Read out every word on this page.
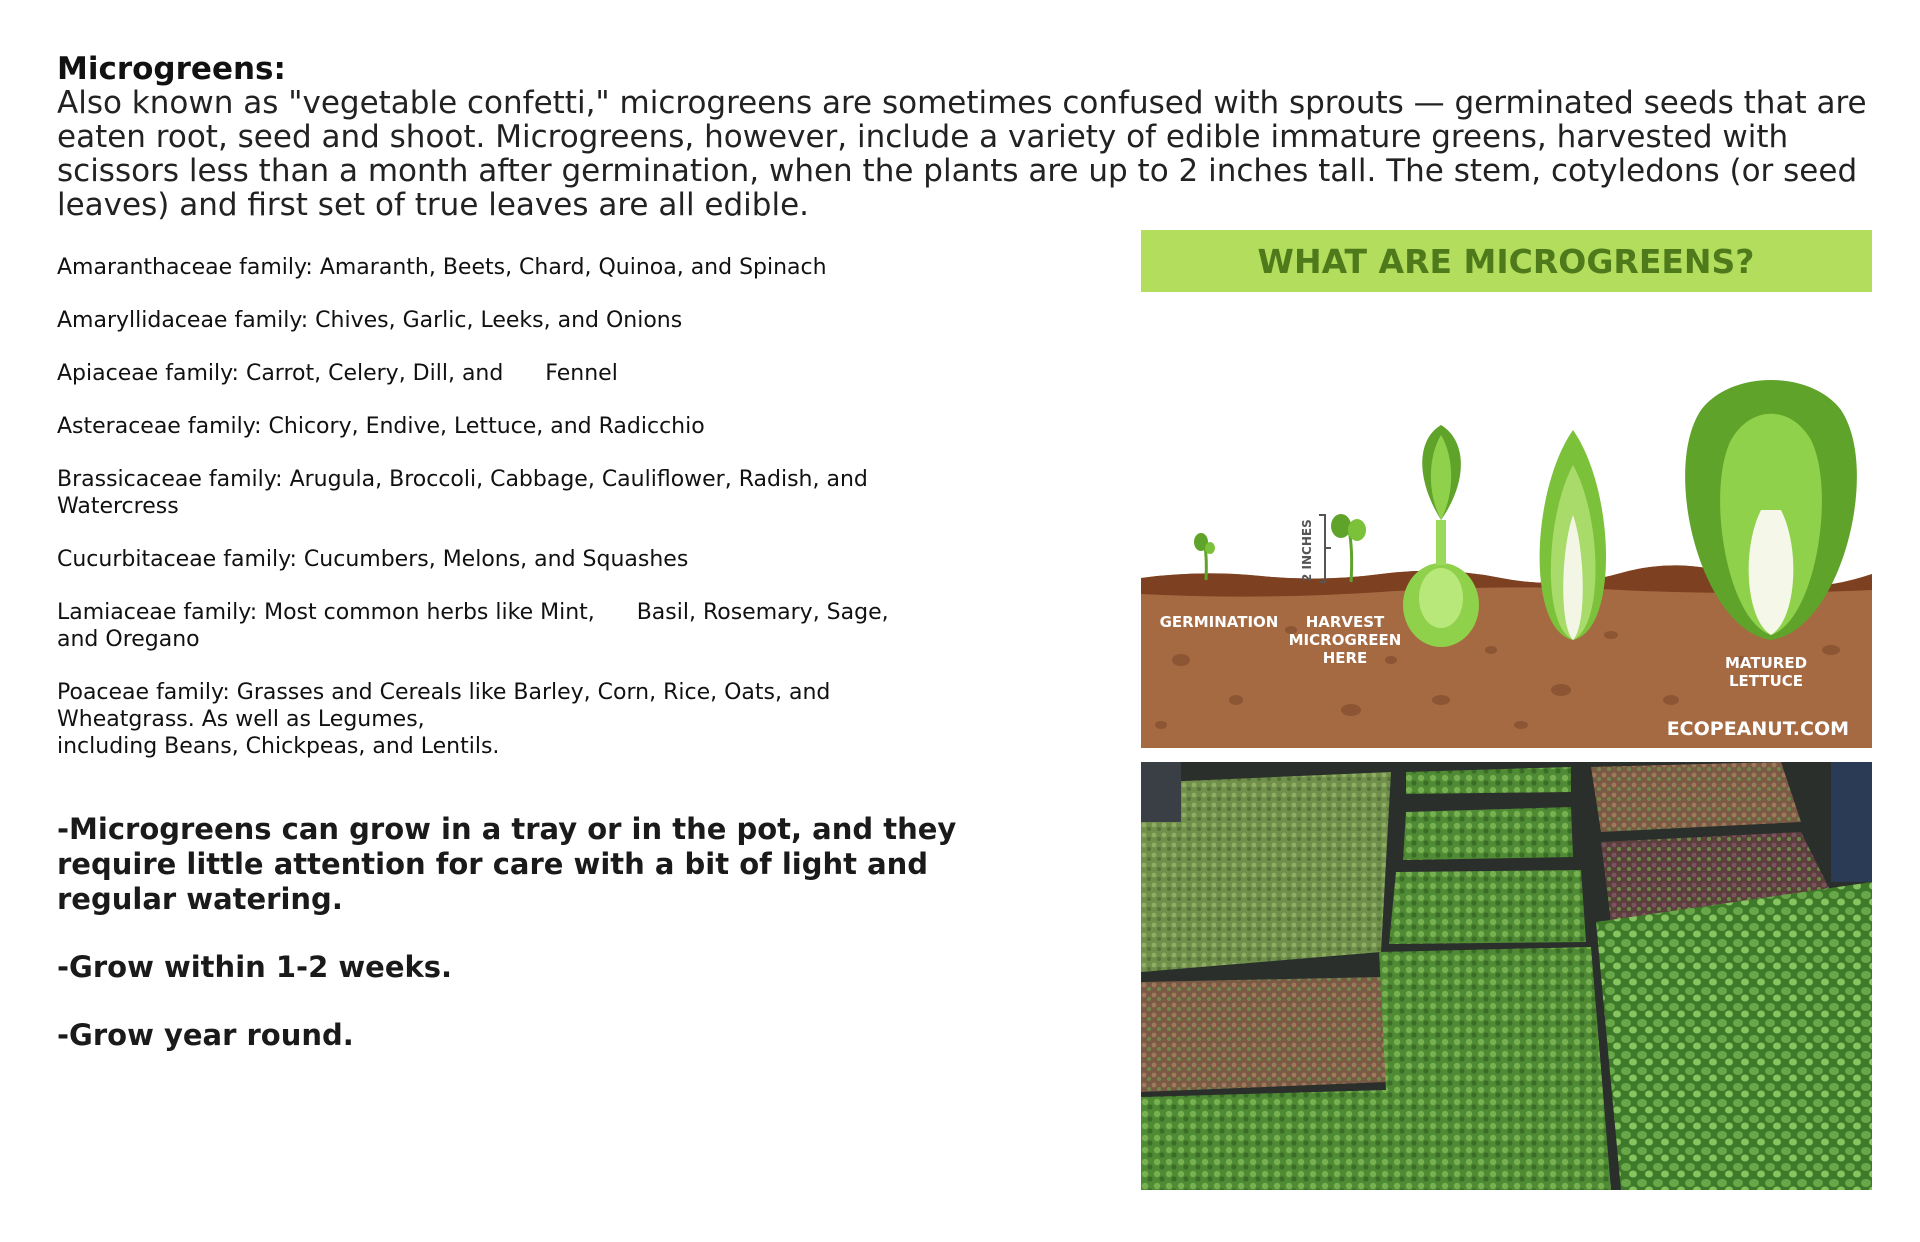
Microgreens:
Also known as "vegetable confetti," microgreens are sometimes confused with sprouts — germinated seeds that are eaten root, seed and shoot. Microgreens, however, include a variety of edible immature greens, harvested with scissors less than a month after germination, when the plants are up to 2 inches tall. The stem, cotyledons (or seed leaves) and first set of true leaves are all edible.
Amaranthaceae family: Amaranth, Beets, Chard, Quinoa, and Spinach
Amaryllidaceae family: Chives, Garlic, Leeks, and Onions
Apiaceae family: Carrot, Celery, Dill, and      Fennel
Asteraceae family: Chicory, Endive, Lettuce, and Radicchio
Brassicaceae family: Arugula, Broccoli, Cabbage, Cauliflower, Radish, and
Watercress
Cucurbitaceae family: Cucumbers, Melons, and Squashes
Lamiaceae family: Most common herbs like Mint,      Basil, Rosemary, Sage,
and Oregano
Poaceae family: Grasses and Cereals like Barley, Corn, Rice, Oats, and
Wheatgrass. As well as Legumes,
including Beans, Chickpeas, and Lentils.
-Microgreens can grow in a tray or in the pot, and they require little attention for care with a bit of light and regular watering.
-Grow within 1-2 weeks.
-Grow year round.
WHAT ARE MICROGREENS?
2 INCHES
GERMINATION HARVEST
MICROGREEN
HERE	MATURED
LETTUCE
ECOPEANUT.COM
